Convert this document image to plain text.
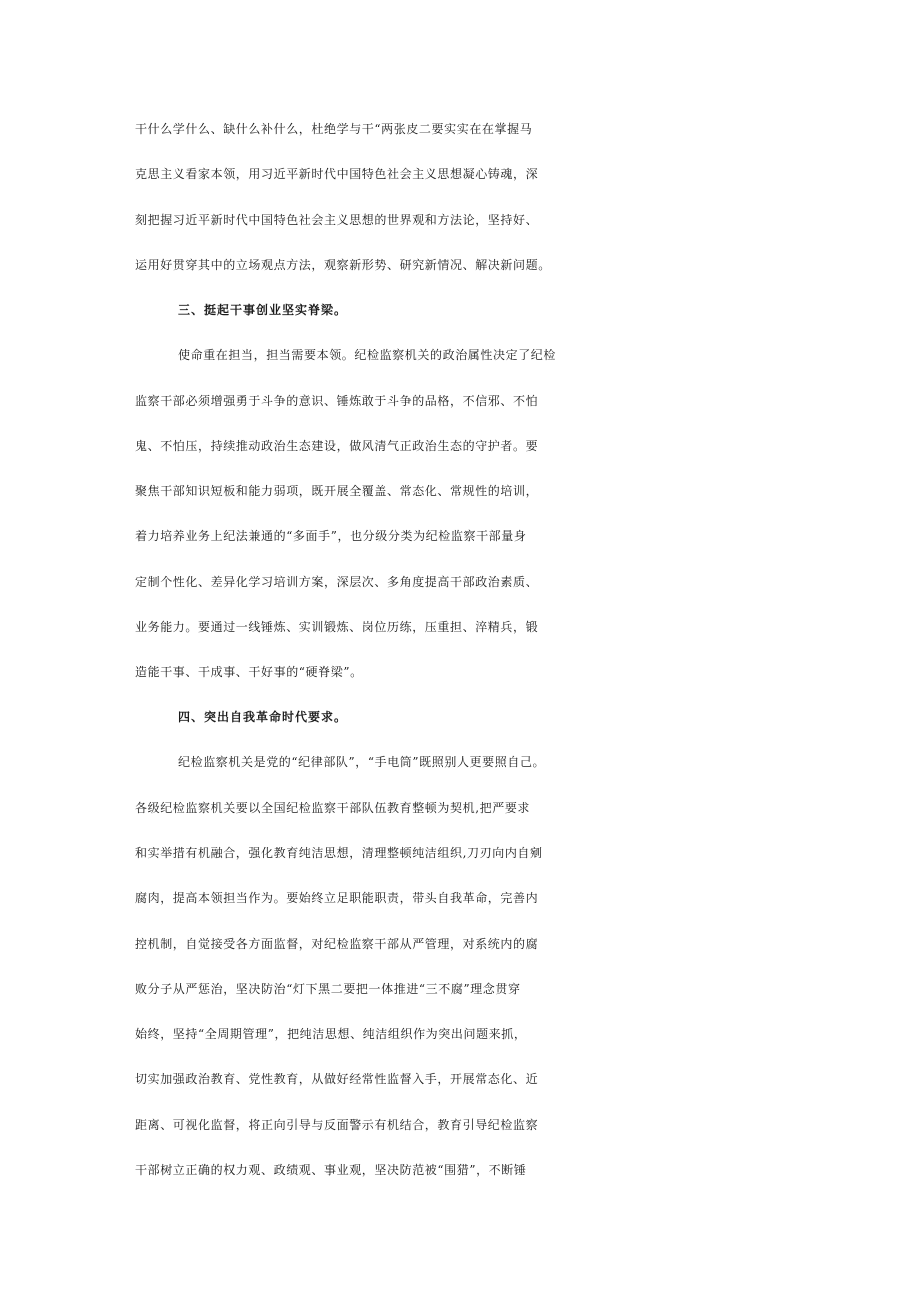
干什么学什么、缺什么补什么，杜绝学与干“两张皮二要实实在在掌握马

克思主义看家本领，用习近平新时代中国特色社会主义思想凝心铸魂，深

刻把握习近平新时代中国特色社会主义思想的世界观和方法论，坚持好、

运用好贯穿其中的立场观点方法，观察新形势、研究新情况、解决新问题。

三、挺起干事创业坚实脊梁。

使命重在担当，担当需要本领。纪检监察机关的政治属性决定了纪检

监察干部必须增强勇于斗争的意识、锤炼敢于斗争的品格，不信邪、不怕

鬼、不怕压，持续推动政治生态建设，做风清气正政治生态的守护者。要

聚焦干部知识短板和能力弱项，既开展全覆盖、常态化、常规性的培训，

着力培养业务上纪法兼通的“多面手”，也分级分类为纪检监察干部量身

定制个性化、差异化学习培训方案，深层次、多角度提高干部政治素质、

业务能力。要通过一线锤炼、实训锻炼、岗位历练，压重担、淬精兵，锻

造能干事、干成事、干好事的“硬脊梁”。

四、突出自我革命时代要求。

纪检监察机关是党的“纪律部队”，“手电筒”既照别人更要照自己。

各级纪检监察机关要以全国纪检监察干部队伍教育整顿为契机,把严要求

和实举措有机融合，强化教育纯洁思想，清理整顿纯洁组织,刀刃向内自剜

腐肉，提高本领担当作为。要始终立足职能职责，带头自我革命，完善内

控机制，自觉接受各方面监督，对纪检监察干部从严管理，对系统内的腐

败分子从严惩治，坚决防治“灯下黑二要把一体推进“三不腐”理念贯穿

始终，坚持“全周期管理”，把纯洁思想、纯洁组织作为突出问题来抓，

切实加强政治教育、党性教育，从做好经常性监督入手，开展常态化、近

距离、可视化监督，将正向引导与反面警示有机结合，教育引导纪检监察

干部树立正确的权力观、政绩观、事业观，坚决防范被“围猎”，不断锤
